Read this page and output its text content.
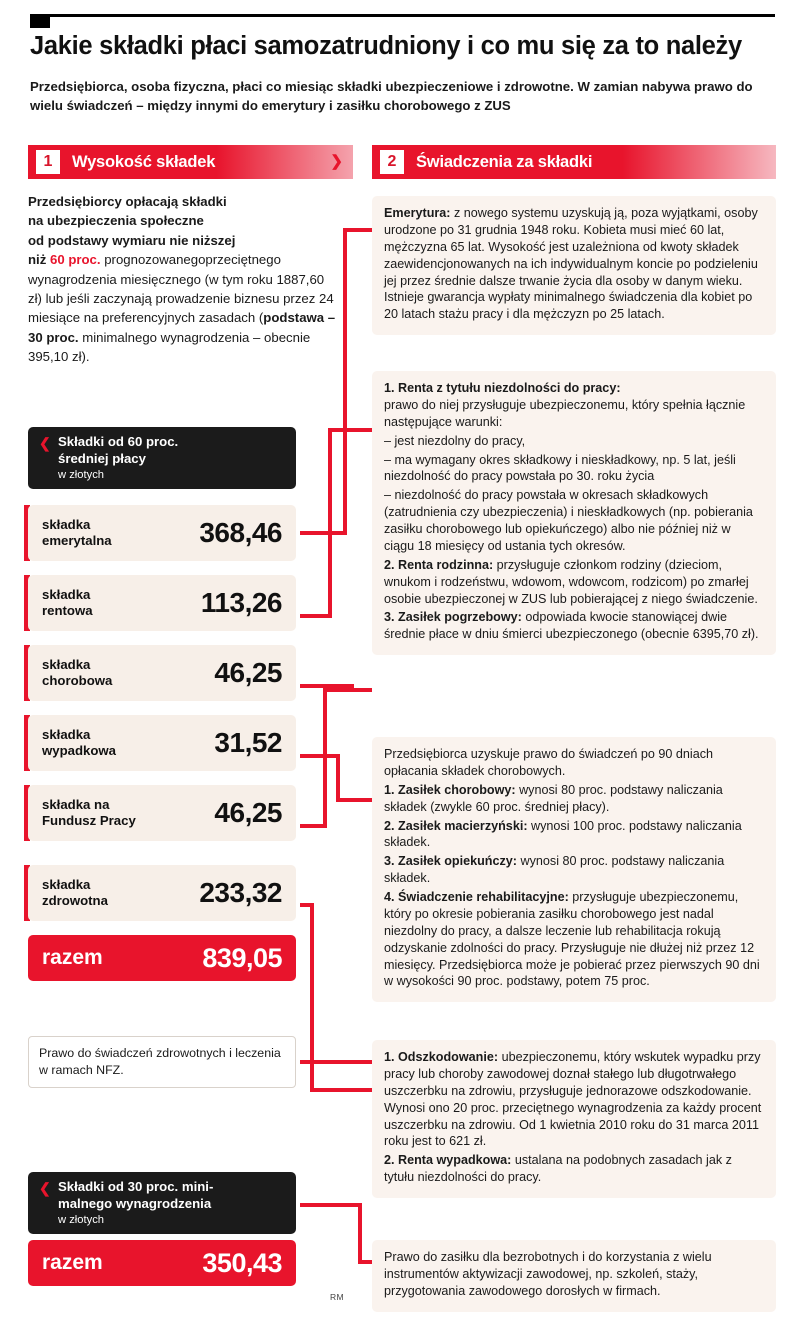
Jakie składki płaci samozatrudniony i co mu się za to należy
Przedsiębiorca, osoba fizyczna, płaci co miesiąc składki ubezpieczeniowe i zdrowotne. W zamian nabywa prawo do wielu świadczeń – między innymi do emerytury i zasiłku chorobowego z ZUS
1	Wysokość składek	❯	2	Świadczenia za składki
Przedsiębiorcy opłacają składki
na ubezpieczenia społeczne
od podstawy wymiaru nie niższej
niż 60 proc. prognozowanegoprzeciętnego wynagrodzenia miesięcznego (w tym roku 1887,60 zł) lub jeśli zaczynają prowadzenie biznesu przez 24 miesiące na preferencyjnych zasadach (podstawa – 30 proc. minimalnego wynagrodzenia – obecnie 395,10 zł).
❮ Składki od 60 proc.
średniej płacy
w złotych
składka
emerytalna	368,46
składka
rentowa	113,26
składka
chorobowa	46,25
składka
wypadkowa	31,52
składka na
Fundusz Pracy	46,25
składka
zdrowotna	233,32
razem	839,05
Prawo do świadczeń zdrowotnych i leczenia w ramach NFZ.
❮ Składki od 30 proc. mini-
malnego wynagrodzenia
w złotych
razem	350,43

Emerytura: z nowego systemu uzyskują ją, poza wyjątkami, osoby urodzone po 31 grudnia 1948 roku. Kobieta musi mieć 60 lat, mężczyzna 65 lat. Wysokość jest uzależniona od kwoty składek zaewidencjonowanych na ich indywidualnym koncie po podzieleniu jej przez średnie dalsze trwanie życia dla osoby w danym wieku. Istnieje gwarancja wypłaty minimalnego świadczenia dla kobiet po 20 latach stażu pracy i dla mężczyzn po 25 latach.

1. Renta z tytułu niezdolności do pracy:
prawo do niej przysługuje ubezpieczonemu, który spełnia łącznie następujące warunki:

– jest niezdolny do pracy,

– ma wymagany okres składkowy i nieskładkowy, np. 5 lat, jeśli niezdolność do pracy powstała po 30. roku życia

– niezdolność do pracy powstała w okresach składkowych (zatrudnienia czy ubezpieczenia) i nieskładkowych (np. pobierania zasiłku chorobowego lub opiekuńczego) albo nie później niż w ciągu 18 miesięcy od ustania tych okresów.

2. Renta rodzinna: przysługuje członkom rodziny (dzieciom, wnukom i rodzeństwu, wdowom, wdowcom, rodzicom) po zmarłej osobie ubezpieczonej w ZUS lub pobierającej z niego świadczenie.

3. Zasiłek pogrzebowy: odpowiada kwocie stanowiącej dwie średnie płace w dniu śmierci ubezpieczonego (obecnie 6395,70 zł).

Przedsiębiorca uzyskuje prawo do świadczeń po 90 dniach opłacania składek chorobowych.

1. Zasiłek chorobowy: wynosi 80 proc. podstawy naliczania składek (zwykle 60 proc. średniej płacy).

2. Zasiłek macierzyński: wynosi 100 proc. podstawy naliczania składek.

3. Zasiłek opiekuńczy: wynosi 80 proc. podstawy naliczania składek.

4. Świadczenie rehabilitacyjne: przysługuje ubezpieczonemu, który po okresie pobierania zasiłku chorobowego jest nadal niezdolny do pracy, a dalsze leczenie lub rehabilitacja rokują odzyskanie zdolności do pracy. Przysługuje nie dłużej niż przez 12 miesięcy. Przedsiębiorca może je pobierać przez pierwszych 90 dni w wysokości 90 proc. podstawy, potem 75 proc.

1. Odszkodowanie: ubezpieczonemu, który wskutek wypadku przy pracy lub choroby zawodowej doznał stałego lub długotrwałego uszczerbku na zdrowiu, przysługuje jednorazowe odszkodowanie. Wynosi ono 20 proc. przeciętnego wynagrodzenia za każdy procent uszczerbku na zdrowiu. Od 1 kwietnia 2010 roku do 31 marca 2011 roku jest to 621 zł.

2. Renta wypadkowa: ustalana na podobnych zasadach jak z tytułu niezdolności do pracy.

Prawo do zasiłku dla bezrobotnych i do korzystania z wielu instrumentów aktywizacji zawodowej, np. szkoleń, staży, przygotowania zawodowego dorosłych w firmach.

RM
